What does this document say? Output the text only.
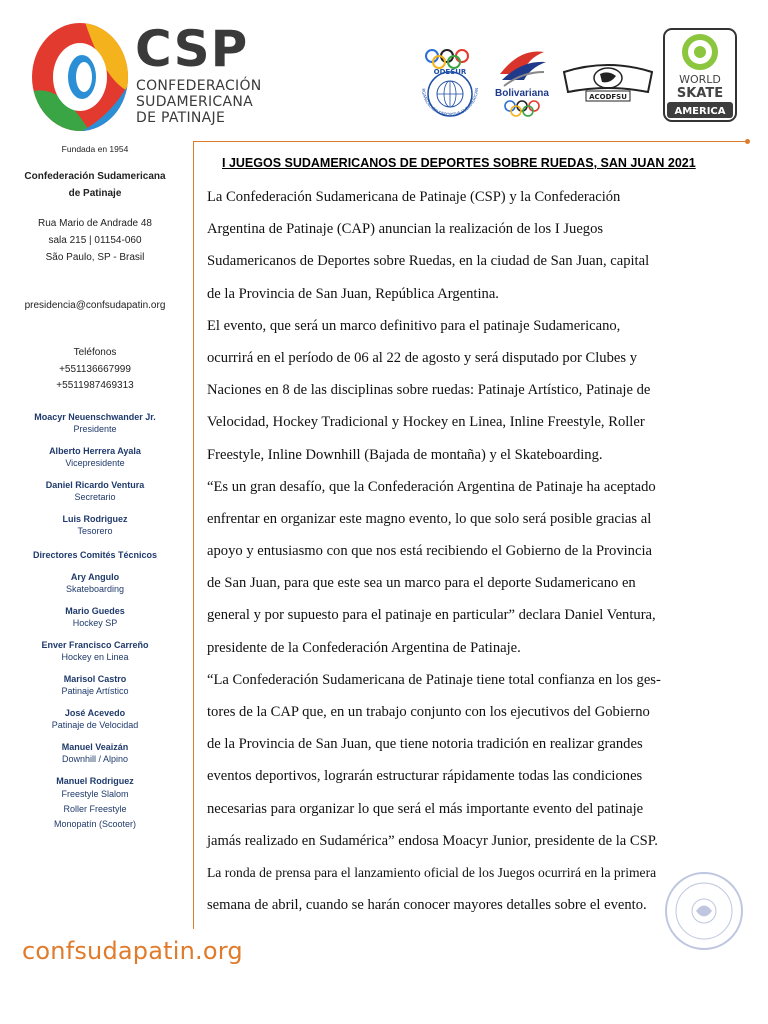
CSP
CONFEDERACIÓN
SUDAMERICANA
DE PATINAJE
ODESUR
RGANIZACIÓN DEPORTIVA SUDAMERICAN Bolivariana	ACODFSU
WORLD
SKATE
AMERICA
Fundada en 1954
Confederación Sudamericana
de Patinaje
Rua Mario de Andrade 48
sala 215 | 01154-060
São Paulo, SP - Brasil
presidencia@confsudapatin.org
Teléfonos
+551136667999
+5511987469313
Moacyr Neuenschwander Jr.
Presidente
Alberto Herrera Ayala
Vicepresidente
Daniel Ricardo Ventura
Secretario
Luis Rodriguez
Tesorero
Directores Comités Técnicos
Ary Angulo
Skateboarding
Mario Guedes
Hockey SP
Enver Francisco Carreño
Hockey en Linea
Marisol Castro
Patinaje Artístico
José Acevedo
Patinaje de Velocidad
Manuel Veaizán
Downhill / Alpino
Manuel Rodriguez
Freestyle Slalom
Roller Freestyle
Monopatín (Scooter)
confsudapatin.org
I JUEGOS SUDAMERICANOS DE DEPORTES SOBRE RUEDAS, SAN JUAN 2021
La Confederación Sudamericana de Patinaje (CSP) y la Confederación
Argentina de Patinaje (CAP) anuncian la realización de los I Juegos
Sudamericanos de Deportes sobre Ruedas, en la ciudad de San Juan, capital
de la Provincia de San Juan, República Argentina.
El evento, que será un marco definitivo para el patinaje Sudamericano,
ocurrirá en el período de 06 al 22 de agosto y será disputado por Clubes y
Naciones en 8 de las disciplinas sobre ruedas: Patinaje Artístico, Patinaje de
Velocidad, Hockey Tradicional y Hockey en Linea, Inline Freestyle, Roller
Freestyle, Inline Downhill (Bajada de montaña) y el Skateboarding.
“Es un gran desafío, que la Confederación Argentina de Patinaje ha aceptado
enfrentar en organizar este magno evento, lo que solo será posible gracias al
apoyo y entusiasmo con que nos está recibiendo el Gobierno de la Provincia
de San Juan, para que este sea un marco para el deporte Sudamericano en
general y por supuesto para el patinaje en particular” declara Daniel Ventura,
presidente de la Confederación Argentina de Patinaje.
“La Confederación Sudamericana de Patinaje tiene total confianza en los ges-
tores de la CAP que, en un trabajo conjunto con los ejecutivos del Gobierno
de la Provincia de San Juan, que tiene notoria tradición en realizar grandes
eventos deportivos, lograrán estructurar rápidamente todas las condiciones
necesarias para organizar lo que será el más importante evento del patinaje
jamás realizado en Sudamérica” endosa Moacyr Junior, presidente de la CSP.
La ronda de prensa para el lanzamiento oficial de los Juegos ocurrirá en la primera
semana de abril, cuando se harán conocer mayores detalles sobre el evento.
